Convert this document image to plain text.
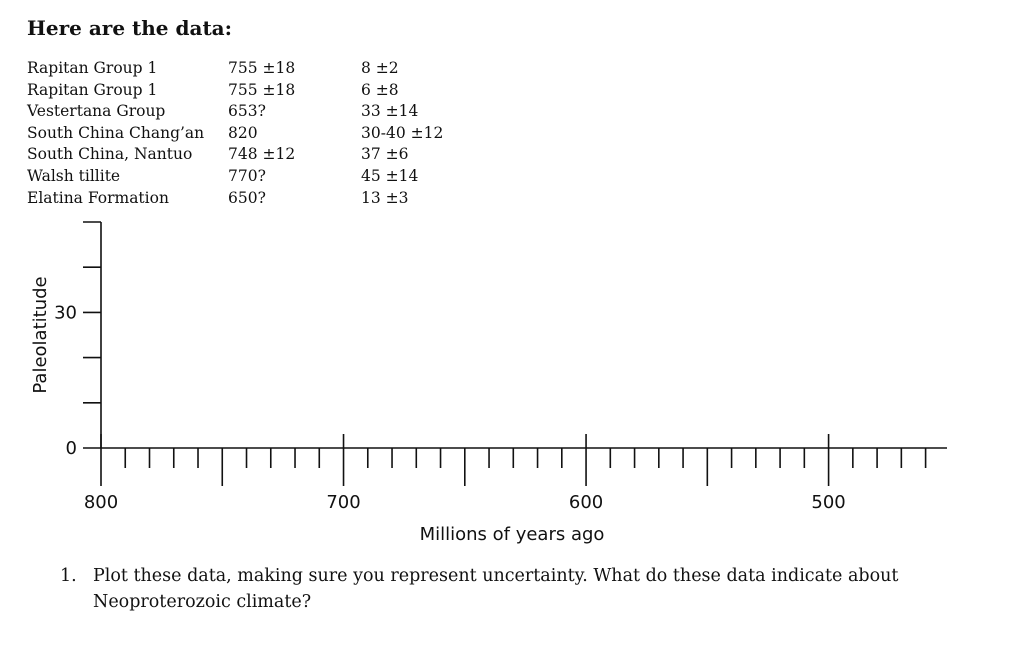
Here are the data:
Rapitan Group 1	755 ±18	8 ±2
Rapitan Group 1	755 ±18	6 ±8
Vestertana Group	653?	33 ±14
South China Chang’an	820	30-40 ±12
South China, Nantuo	748 ±12	37 ±6
Walsh tillite	770?	45 ±14
Elatina Formation	650?	13 ±3
800	700	600	500
0
30
Paleolatitude
Millions of years ago
1. Plot these data, making sure you represent uncertainty. What do these data indicate about Neoproterozoic climate?
